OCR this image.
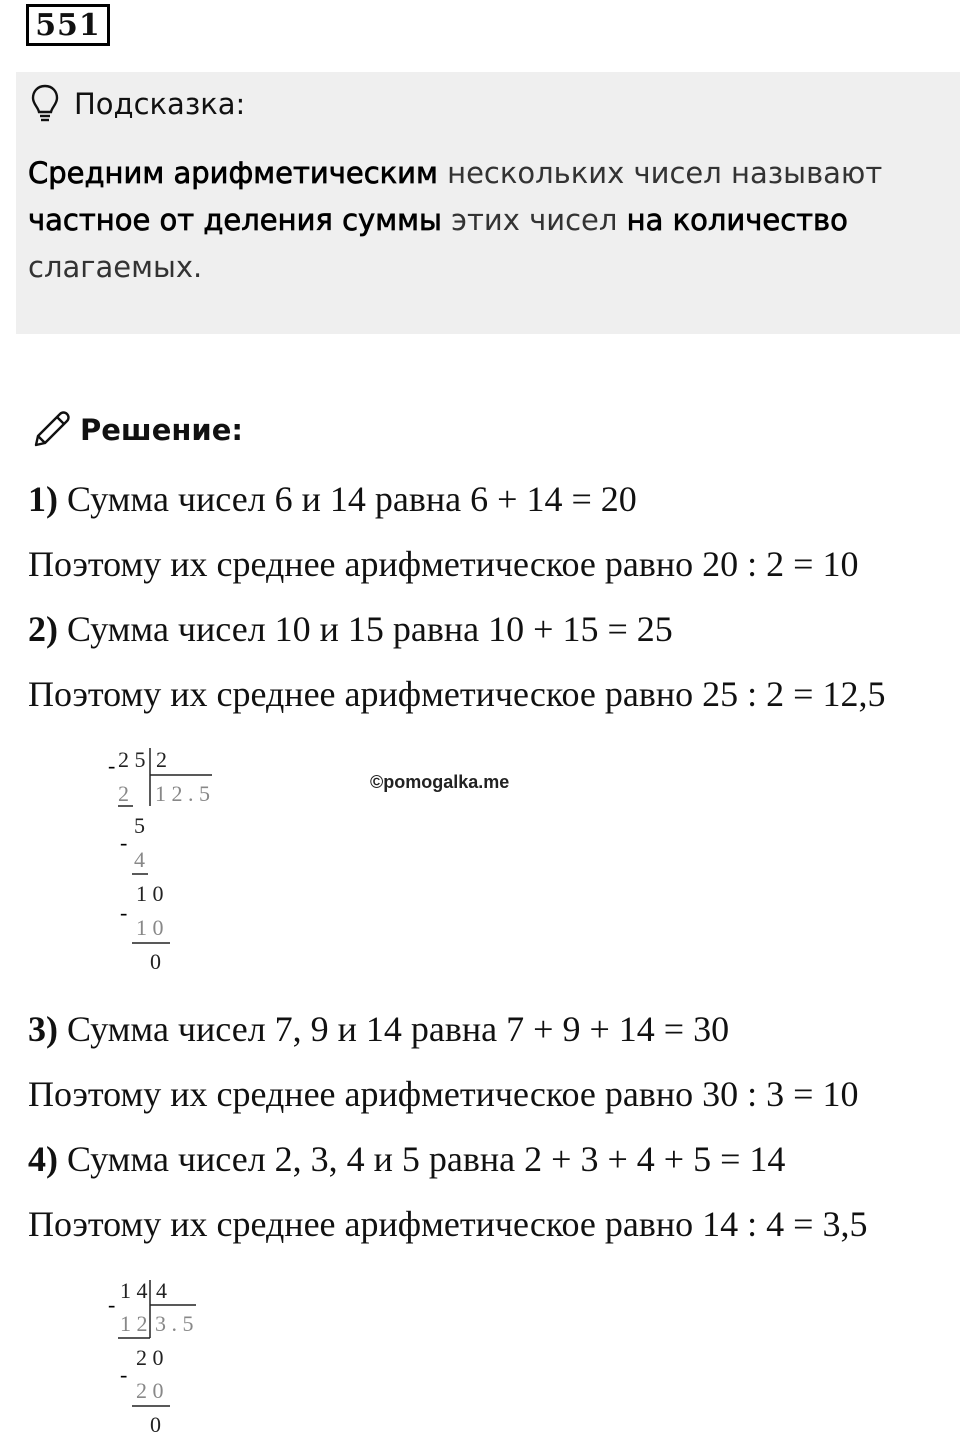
551
Подсказка:
Средним арифметическим нескольких чисел называют
частное от деления суммы этих чисел на количество
слагаемых.
Решение:
1) Сумма чисел 6 и 14 равна 6 + 14 = 20
Поэтому их среднее арифметическое равно 20 : 2 = 10
2) Сумма чисел 10 и 15 равна 10 + 15 = 25
Поэтому их среднее арифметическое равно 25 : 2 = 12,5
- 2 5 2
1 2 . 5
2
5
-
4
1 0
-
1 0
0
©pomogalka.me
3) Сумма чисел 7, 9 и 14 равна 7 + 9 + 14 = 30
Поэтому их среднее арифметическое равно 30 : 3 = 10
4) Сумма чисел 2, 3, 4 и 5 равна 2 + 3 + 4 + 5 = 14
Поэтому их среднее арифметическое равно 14 : 4 = 3,5
-
1 4 4
3 . 5
1 2
2 0
-
2 0
0
